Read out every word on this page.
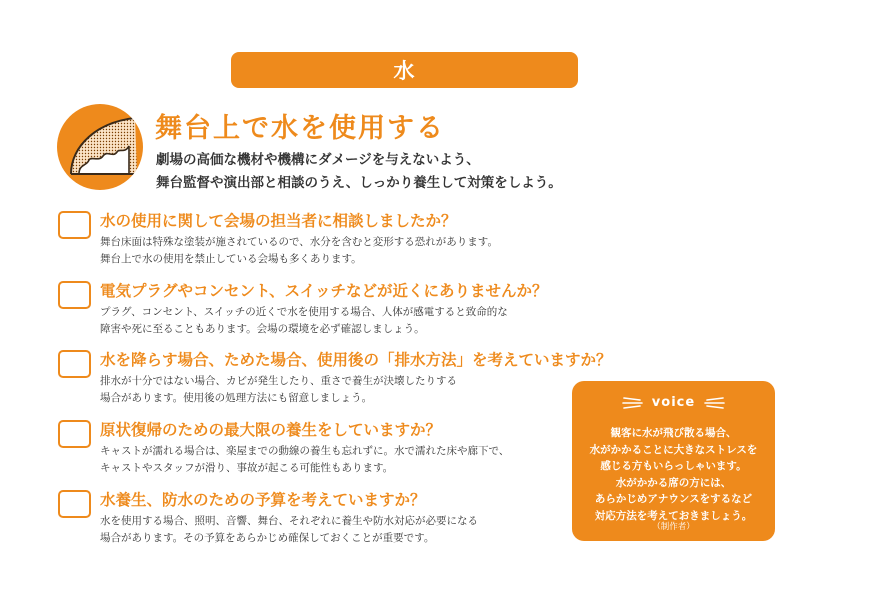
水
舞台上で水を使用する
劇場の高価な機材や機構にダメージを与えないよう、
舞台監督や演出部と相談のうえ、しっかり養生して対策をしよう。
水の使用に関して会場の担当者に相談しましたか？
舞台床面は特殊な塗装が施されているので、水分を含むと変形する恐れがあります。
舞台上で水の使用を禁止している会場も多くあります。
電気プラグやコンセント、スイッチなどが近くにありませんか？
プラグ、コンセント、スイッチの近くで水を使用する場合、人体が感電すると致命的な
障害や死に至ることもあります。会場の環境を必ず確認しましょう。
水を降らす場合、ためた場合、使用後の「排水方法」を考えていますか？
排水が十分ではない場合、カビが発生したり、重さで養生が決壊したりする
場合があります。使用後の処理方法にも留意しましょう。
原状復帰のための最大限の養生をしていますか？
キャストが濡れる場合は、楽屋までの動線の養生も忘れずに。水で濡れた床や廊下で、
キャストやスタッフが滑り、事故が起こる可能性もあります。
水養生、防水のための予算を考えていますか？
水を使用する場合、照明、音響、舞台、それぞれに養生や防水対応が必要になる
場合があります。その予算をあらかじめ確保しておくことが重要です。
voice
観客に水が飛び散る場合、
水がかかることに大きなストレスを
感じる方もいらっしゃいます。
水がかかる席の方には、
あらかじめアナウンスをするなど
対応方法を考えておきましょう。
（制作者）
